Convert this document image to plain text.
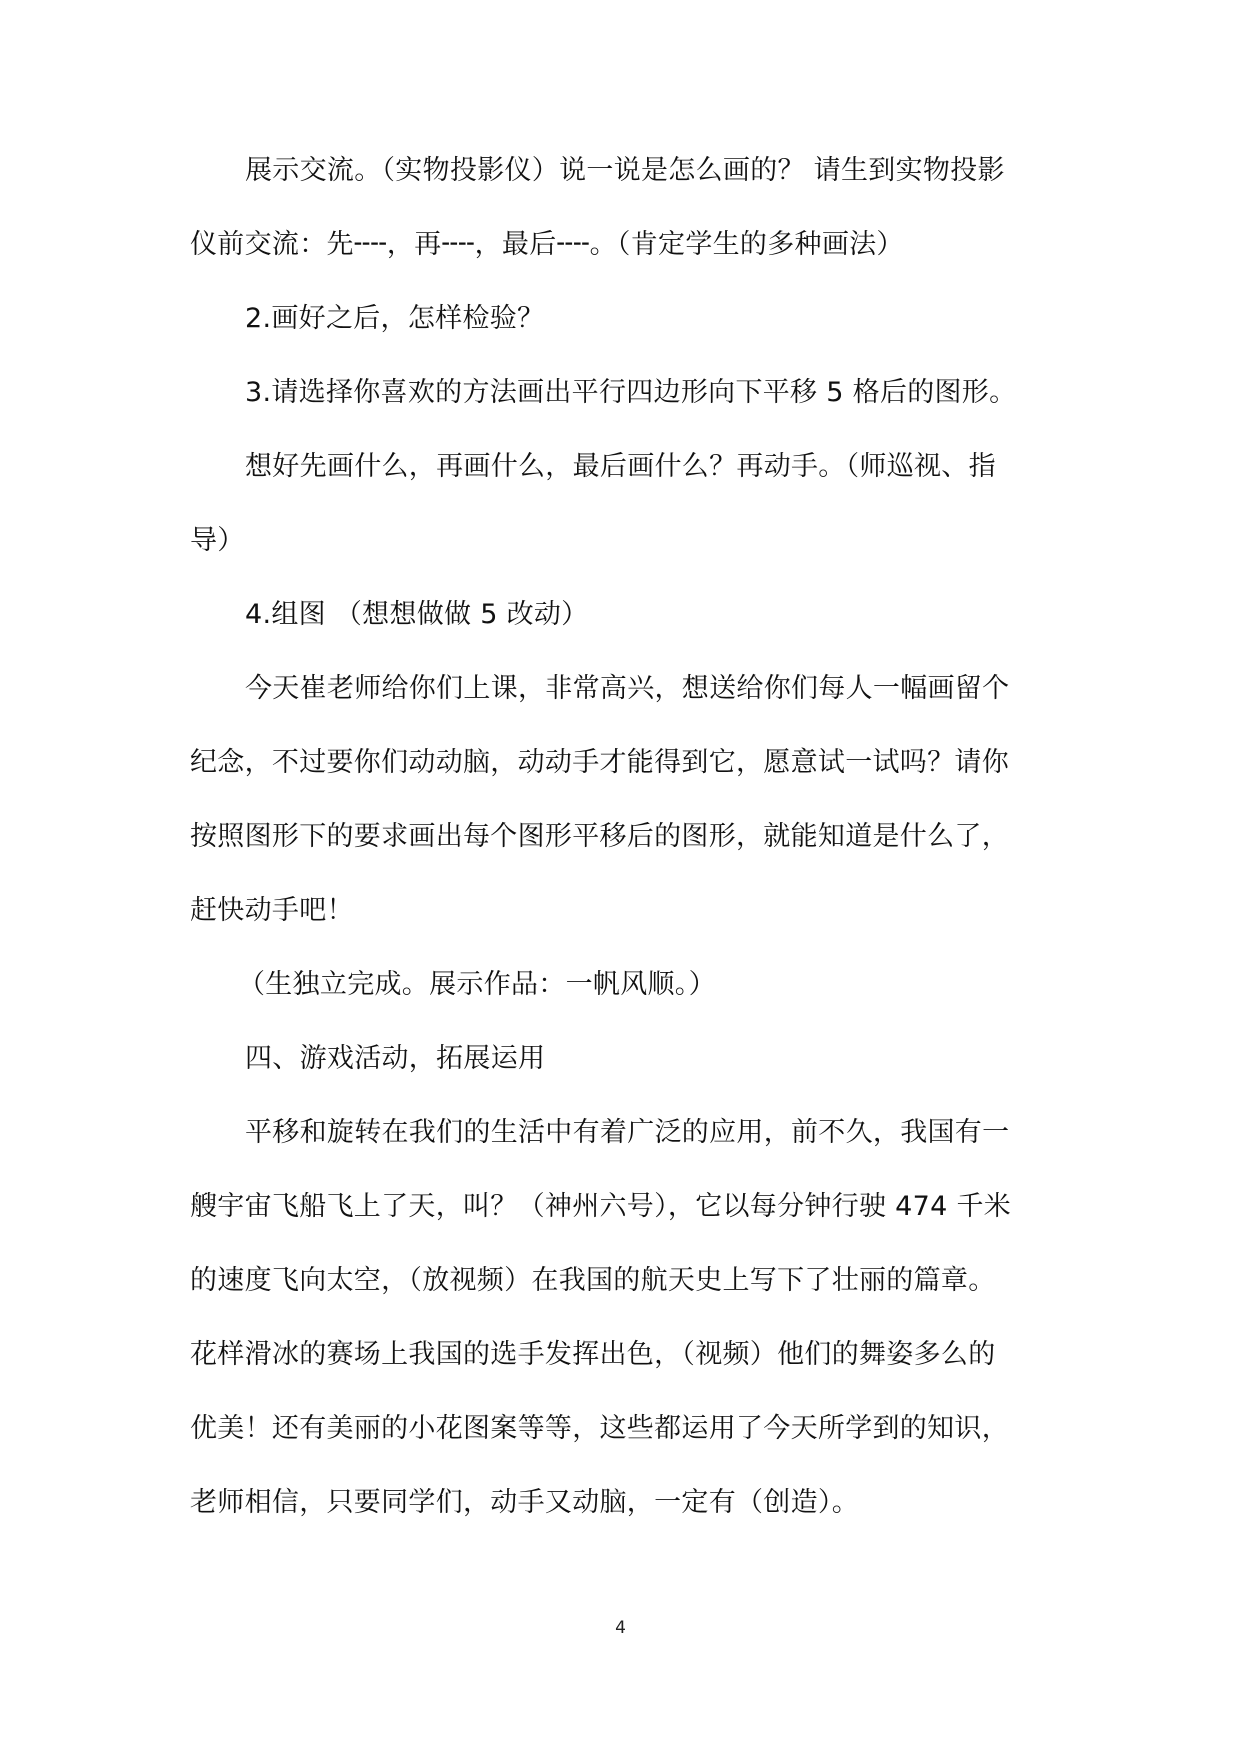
展示交流。（实物投影仪）说一说是怎么画的？ 请生到实物投影
仪前交流：先╌╌，再╌╌，最后╌╌。（肯定学生的多种画法）
2.画好之后，怎样检验？
3.请选择你喜欢的方法画出平行四边形向下平移 5 格后的图形。
想好先画什么，再画什么，最后画什么？再动手。（师巡视、指
导）
4.组图 （想想做做 5 改动）
今天崔老师给你们上课，非常高兴，想送给你们每人一幅画留个
纪念，不过要你们动动脑，动动手才能得到它，愿意试一试吗？请你
按照图形下的要求画出每个图形平移后的图形，就能知道是什么了，
赶快动手吧！
（生独立完成。展示作品：一帆风顺。）
四、游戏活动，拓展运用
平移和旋转在我们的生活中有着广泛的应用，前不久，我国有一
艘宇宙飞船飞上了天，叫？（神州六号），它以每分钟行驶 474 千米
的速度飞向太空，（放视频）在我国的航天史上写下了壮丽的篇章。
花样滑冰的赛场上我国的选手发挥出色，（视频）他们的舞姿多么的
优美！还有美丽的小花图案等等，这些都运用了今天所学到的知识，
老师相信，只要同学们，动手又动脑，一定有（创造）。
4
